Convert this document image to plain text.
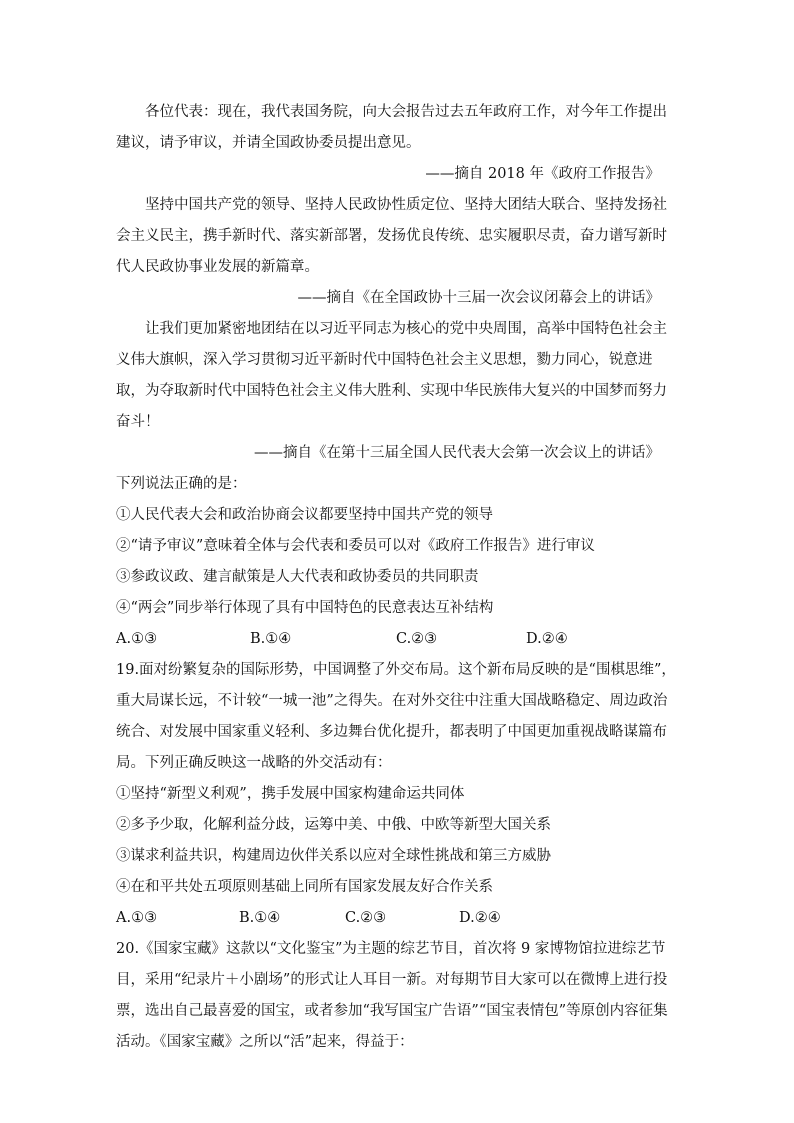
各位代表：现在，我代表国务院，向大会报告过去五年政府工作，对今年工作提出建议，请予审议，并请全国政协委员提出意见。

——摘自 2018 年《政府工作报告》

坚持中国共产党的领导、坚持人民政协性质定位、坚持大团结大联合、坚持发扬社会主义民主，携手新时代、落实新部署，发扬优良传统、忠实履职尽责，奋力谱写新时代人民政协事业发展的新篇章。

——摘自《在全国政协十三届一次会议闭幕会上的讲话》

让我们更加紧密地团结在以习近平同志为核心的党中央周围，高举中国特色社会主义伟大旗帜，深入学习贯彻习近平新时代中国特色社会主义思想，勠力同心，锐意进取，为夺取新时代中国特色社会主义伟大胜利、实现中华民族伟大复兴的中国梦而努力奋斗！

——摘自《在第十三届全国人民代表大会第一次会议上的讲话》

下列说法正确的是：

①人民代表大会和政治协商会议都要坚持中国共产党的领导

②“请予审议”意味着全体与会代表和委员可以对《政府工作报告》进行审议

③参政议政、建言献策是人大代表和政协委员的共同职责

④“两会”同步举行体现了具有中国特色的民意表达互补结构

A.①③	B.①④	C.②③	D.②④

19.面对纷繁复杂的国际形势，中国调整了外交布局。这个新布局反映的是“围棋思维”，重大局谋长远，不计较“一城一池”之得失。在对外交往中注重大国战略稳定、周边政治统合、对发展中国家重义轻利、多边舞台优化提升，都表明了中国更加重视战略谋篇布局。下列正确反映这一战略的外交活动有：

①坚持“新型义利观”，携手发展中国家构建命运共同体

②多予少取，化解利益分歧，运筹中美、中俄、中欧等新型大国关系

③谋求利益共识，构建周边伙伴关系以应对全球性挑战和第三方威胁

④在和平共处五项原则基础上同所有国家发展友好合作关系

A.①③	B.①④	C.②③	D.②④

20.《国家宝藏》这款以“文化鉴宝”为主题的综艺节目，首次将 9 家博物馆拉进综艺节目，采用“纪录片＋小剧场”的形式让人耳目一新。对每期节目大家可以在微博上进行投票，选出自己最喜爱的国宝，或者参加“我写国宝广告语”“国宝表情包”等原创内容征集活动。《国家宝藏》之所以“活”起来，得益于：
